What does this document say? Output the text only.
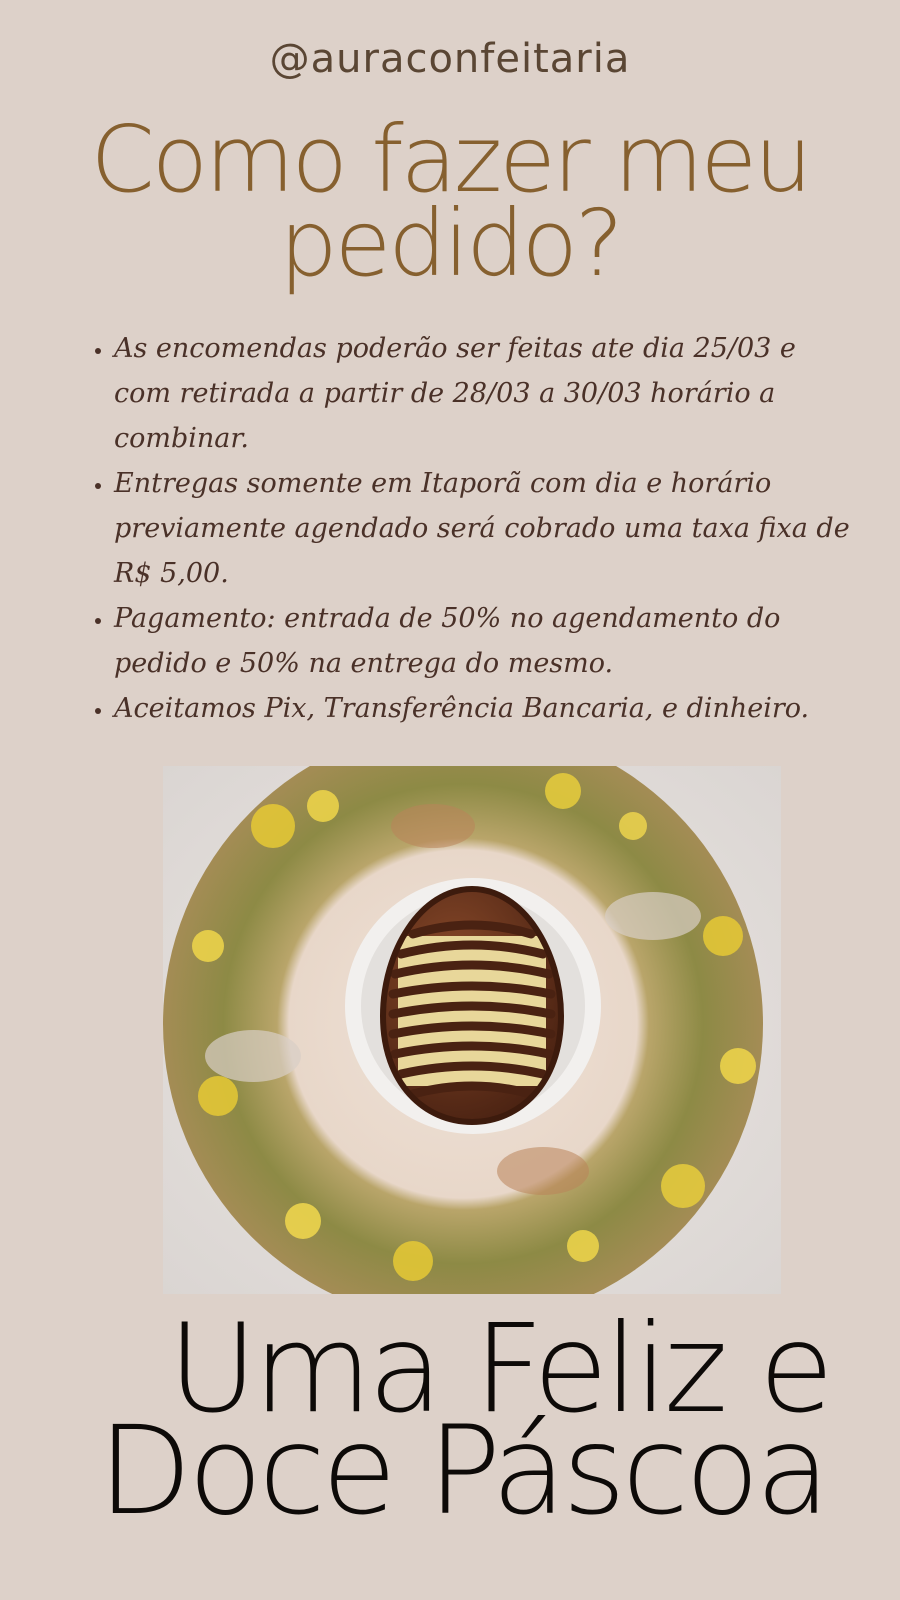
@auraconfeitaria
Como fazer meu pedido?
• As encomendas poderão ser feitas ate dia 25/03 e com retirada a partir de 28/03 a 30/03 horário a combinar.
• Entregas somente em Itaporã com dia e horário previamente agendado será cobrado uma taxa fixa de R$ 5,00.
• Pagamento: entrada de 50% no agendamento do pedido e 50% na entrega do mesmo.
• Aceitamos Pix, Transferência Bancaria, e dinheiro.
Uma Feliz e
Doce Páscoa
